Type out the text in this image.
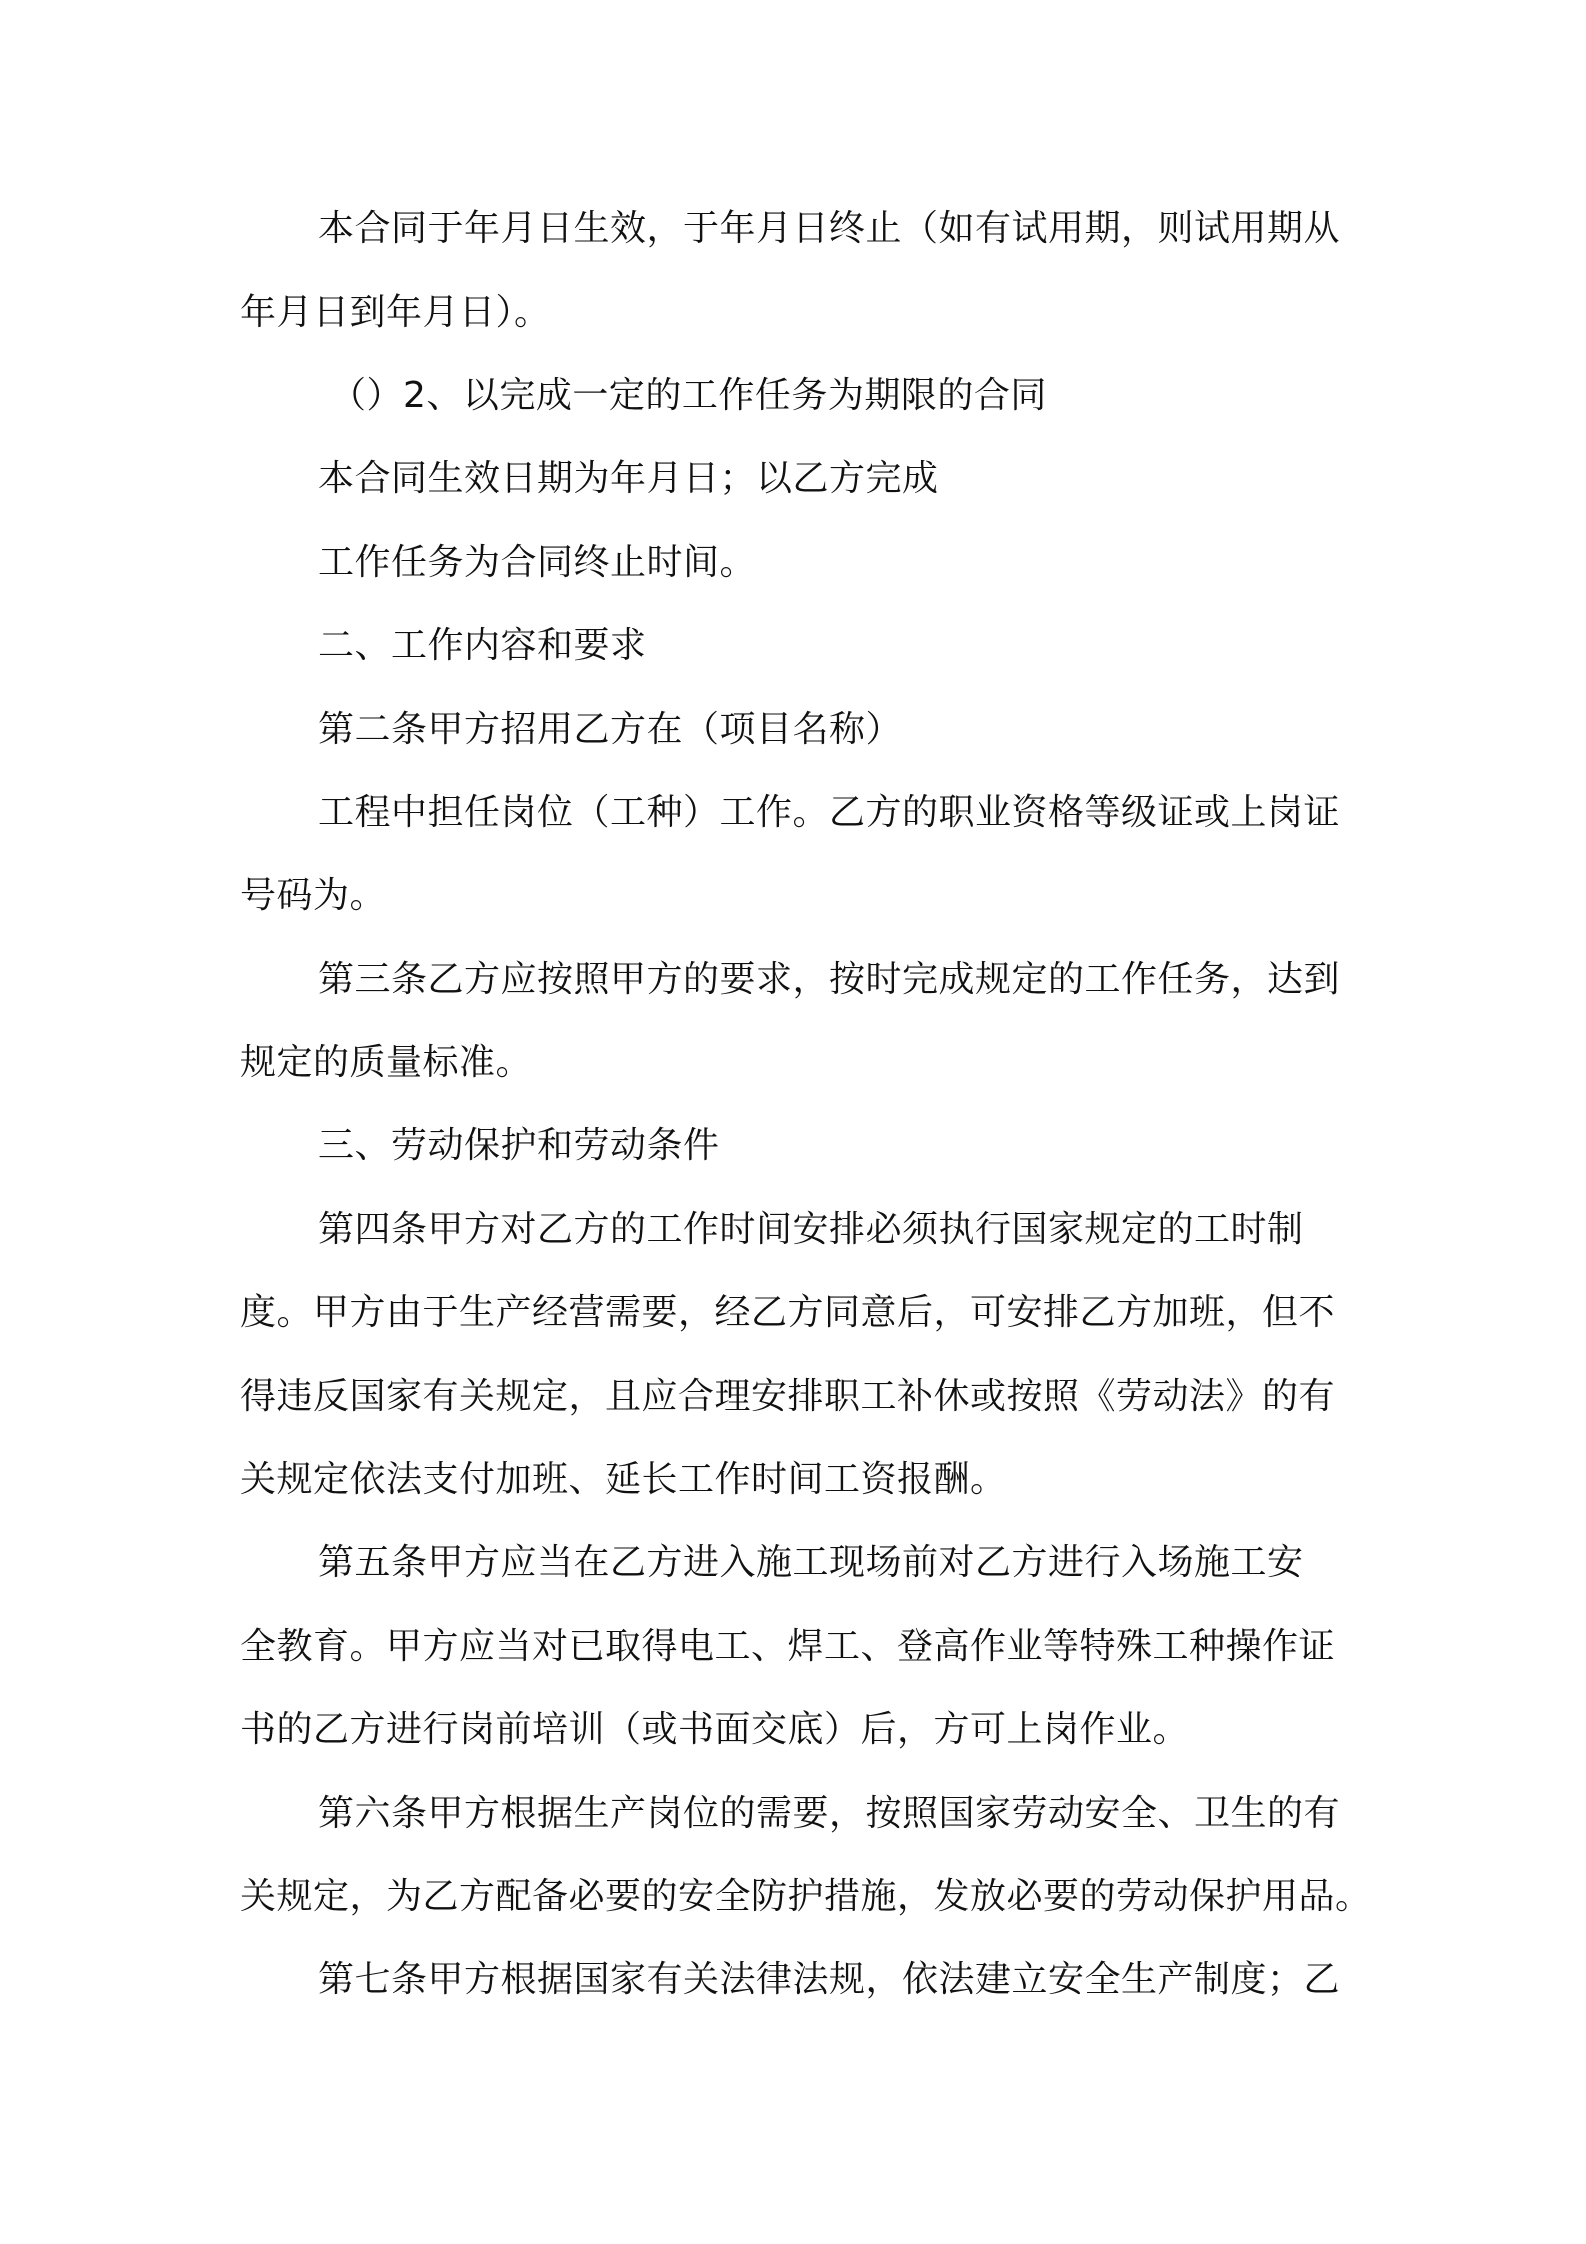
本合同于年月日生效，于年月日终止（如有试用期，则试用期从
年月日到年月日）。
（）2、以完成一定的工作任务为期限的合同
本合同生效日期为年月日；以乙方完成
工作任务为合同终止时间。
二、工作内容和要求
第二条甲方招用乙方在（项目名称）
工程中担任岗位（工种）工作。乙方的职业资格等级证或上岗证
号码为。
第三条乙方应按照甲方的要求，按时完成规定的工作任务，达到
规定的质量标准。
三、劳动保护和劳动条件
第四条甲方对乙方的工作时间安排必须执行国家规定的工时制
度。甲方由于生产经营需要，经乙方同意后，可安排乙方加班，但不
得违反国家有关规定，且应合理安排职工补休或按照《劳动法》的有
关规定依法支付加班、延长工作时间工资报酬。
第五条甲方应当在乙方进入施工现场前对乙方进行入场施工安
全教育。甲方应当对已取得电工、焊工、登高作业等特殊工种操作证
书的乙方进行岗前培训（或书面交底）后，方可上岗作业。
第六条甲方根据生产岗位的需要，按照国家劳动安全、卫生的有
关规定，为乙方配备必要的安全防护措施，发放必要的劳动保护用品。
第七条甲方根据国家有关法律法规，依法建立安全生产制度；乙
